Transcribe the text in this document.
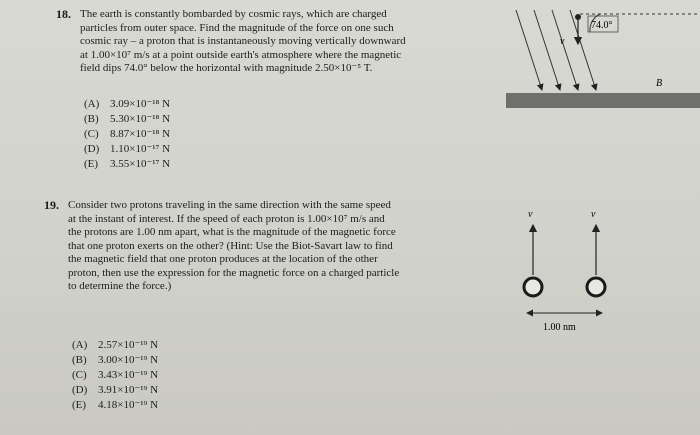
18. The earth is constantly bombarded by cosmic rays, which are charged
particles from outer space. Find the magnitude of the force on one such
cosmic ray – a proton that is instantaneously moving vertically downward
at 1.00×10⁷ m/s at a point outside earth's atmosphere where the magnetic
field dips 74.0° below the horizontal with magnitude 2.50×10⁻⁵ T.
(A) 3.09×10⁻¹⁸ N
(B) 5.30×10⁻¹⁸ N
(C) 8.87×10⁻¹⁸ N
(D) 1.10×10⁻¹⁷ N
(E) 3.55×10⁻¹⁷ N
v⃗
74.0°
B⃗
19. Consider two protons traveling in the same direction with the same speed
at the instant of interest. If the speed of each proton is 1.00×10⁷ m/s and
the protons are 1.00 nm apart, what is the magnitude of the magnetic force
that one proton exerts on the other? (Hint: Use the Biot-Savart law to find
the magnetic field that one proton produces at the location of the other
proton, then use the expression for the magnetic force on a charged particle
to determine the force.)
(A) 2.57×10⁻¹⁹ N
(B) 3.00×10⁻¹⁹ N
(C) 3.43×10⁻¹⁹ N
(D) 3.91×10⁻¹⁹ N
(E) 4.18×10⁻¹⁹ N
v⃗	v⃗
1.00 nm
